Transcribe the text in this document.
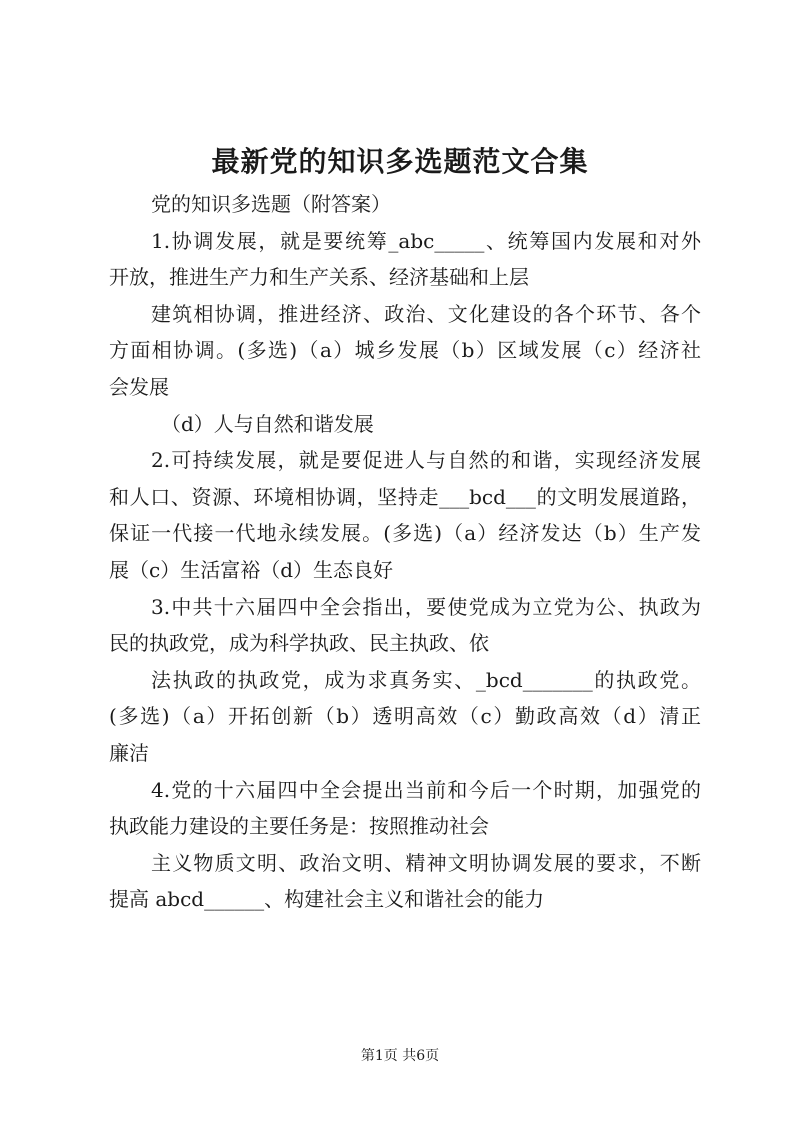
最新党的知识多选题范文合集
党的知识多选题（附答案）
1.协调发展，就是要统筹_abc_____、统筹国内发展和对外
开放，推进生产力和生产关系、经济基础和上层
建筑相协调，推进经济、政治、文化建设的各个环节、各个
方面相协调。(多选)（a）城乡发展（b）区域发展（c）经济社
会发展
（d）人与自然和谐发展
2.可持续发展，就是要促进人与自然的和谐，实现经济发展
和人口、资源、环境相协调，坚持走___bcd___的文明发展道路，
保证一代接一代地永续发展。(多选)（a）经济发达（b）生产发
展（c）生活富裕（d）生态良好
3.中共十六届四中全会指出，要使党成为立党为公、执政为
民的执政党，成为科学执政、民主执政、依
法执政的执政党，成为求真务实、_bcd_______的执政党。
(多选)（a）开拓创新（b）透明高效（c）勤政高效（d）清正
廉洁
4.党的十六届四中全会提出当前和今后一个时期，加强党的
执政能力建设的主要任务是：按照推动社会
主义物质文明、政治文明、精神文明协调发展的要求，不断
提高 abcd______、构建社会主义和谐社会的能力
第1页 共6页
